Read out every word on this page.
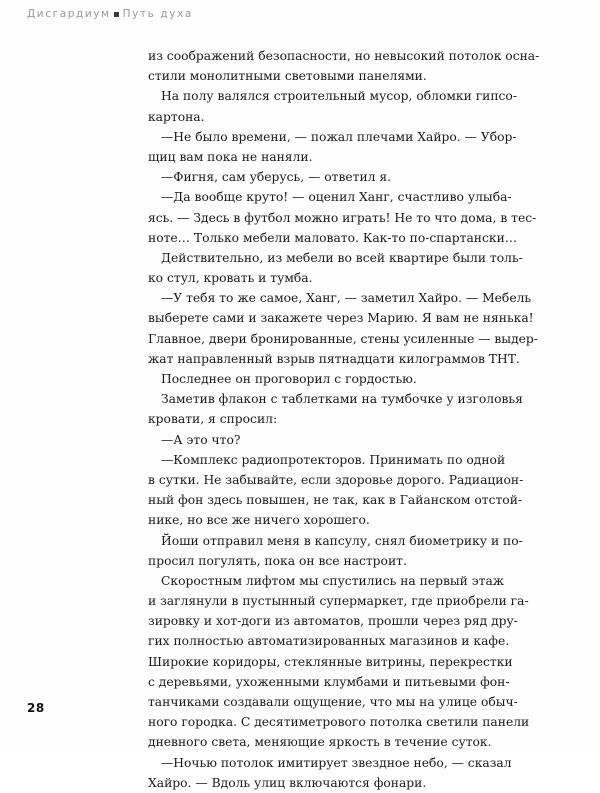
Дисгардиум Путь духа
из соображений безопасности, но невысокий потолок осна-
стили монолитными световыми панелями.
На полу валялся строительный мусор, обломки гипсо-
картона.
—Не было времени, — пожал плечами Хайро. — Убор-
щиц вам пока не наняли.
—Фигня, сам уберусь, — ответил я.
—Да вообще круто! — оценил Ханг, счастливо улыба-
ясь. — Здесь в футбол можно играть! Не то что дома, в тес-
ноте… Только мебели маловато. Как-то по-спартански…
Действительно, из мебели во всей квартире были толь-
ко стул, кровать и тумба.
—У тебя то же самое, Ханг, — заметил Хайро. — Мебель
выберете сами и закажете через Марию. Я вам не нянька!
Главное, двери бронированные, стены усиленные — выдер-
жат направленный взрыв пятнадцати килограммов ТНТ.
Последнее он проговорил с гордостью.
Заметив флакон с таблетками на тумбочке у изголовья
кровати, я спросил:
—А это что?
—Комплекс радиопротекторов. Принимать по одной
в сутки. Не забывайте, если здоровье дорого. Радиацион-
ный фон здесь повышен, не так, как в Гайанском отстой-
нике, но все же ничего хорошего.
Йоши отправил меня в капсулу, снял биометрику и по-
просил погулять, пока он все настроит.
Скоростным лифтом мы спустились на первый этаж
и заглянули в пустынный супермаркет, где приобрели га-
зировку и хот-доги из автоматов, прошли через ряд дру-
гих полностью автоматизированных магазинов и кафе.
Широкие коридоры, стеклянные витрины, перекрестки
с деревьями, ухоженными клумбами и питьевыми фон-
танчиками создавали ощущение, что мы на улице обыч-
ного городка. С десятиметрового потолка светили панели
дневного света, меняющие яркость в течение суток.
—Ночью потолок имитирует звездное небо, — сказал
Хайро. — Вдоль улиц включаются фонари.
28
